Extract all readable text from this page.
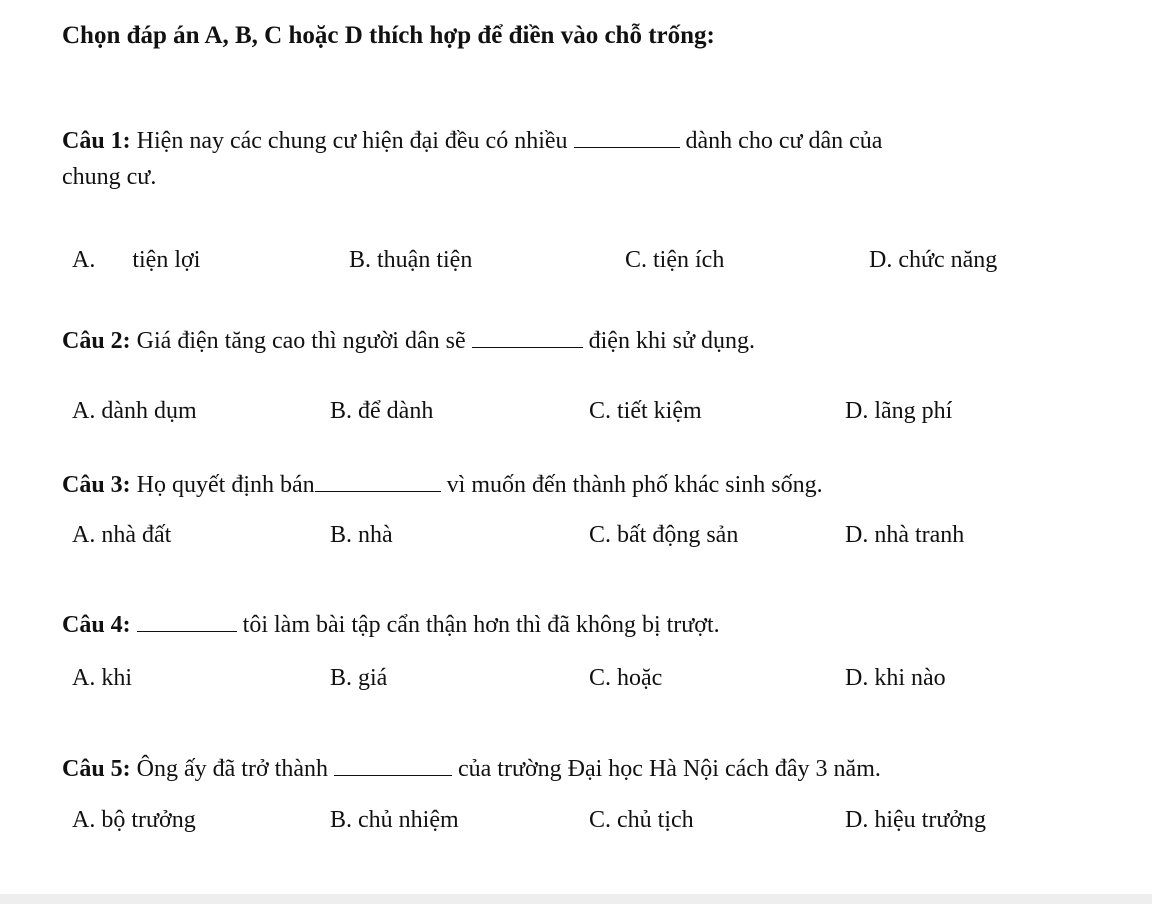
Chọn đáp án A, B, C hoặc D thích hợp để điền vào chỗ trống:
Câu 1: Hiện nay các chung cư hiện đại đều có nhiều	dành cho cư dân của
chung cư.
A. tiện lợi	B. thuận tiện	C. tiện ích	D. chức năng
Câu 2: Giá điện tăng cao thì người dân sẽ	điện khi sử dụng.
A. dành dụm	B. để dành	C. tiết kiệm	D. lãng phí
Câu 3: Họ quyết định bán	vì muốn đến thành phố khác sinh sống.
A. nhà đất	B. nhà	C. bất động sản	D. nhà tranh
Câu 4:	tôi làm bài tập cẩn thận hơn thì đã không bị trượt.
A. khi	B. giá	C. hoặc	D. khi nào
Câu 5: Ông ấy đã trở thành	của trường Đại học Hà Nội cách đây 3 năm.
A. bộ trưởng	B. chủ nhiệm	C. chủ tịch	D. hiệu trưởng
